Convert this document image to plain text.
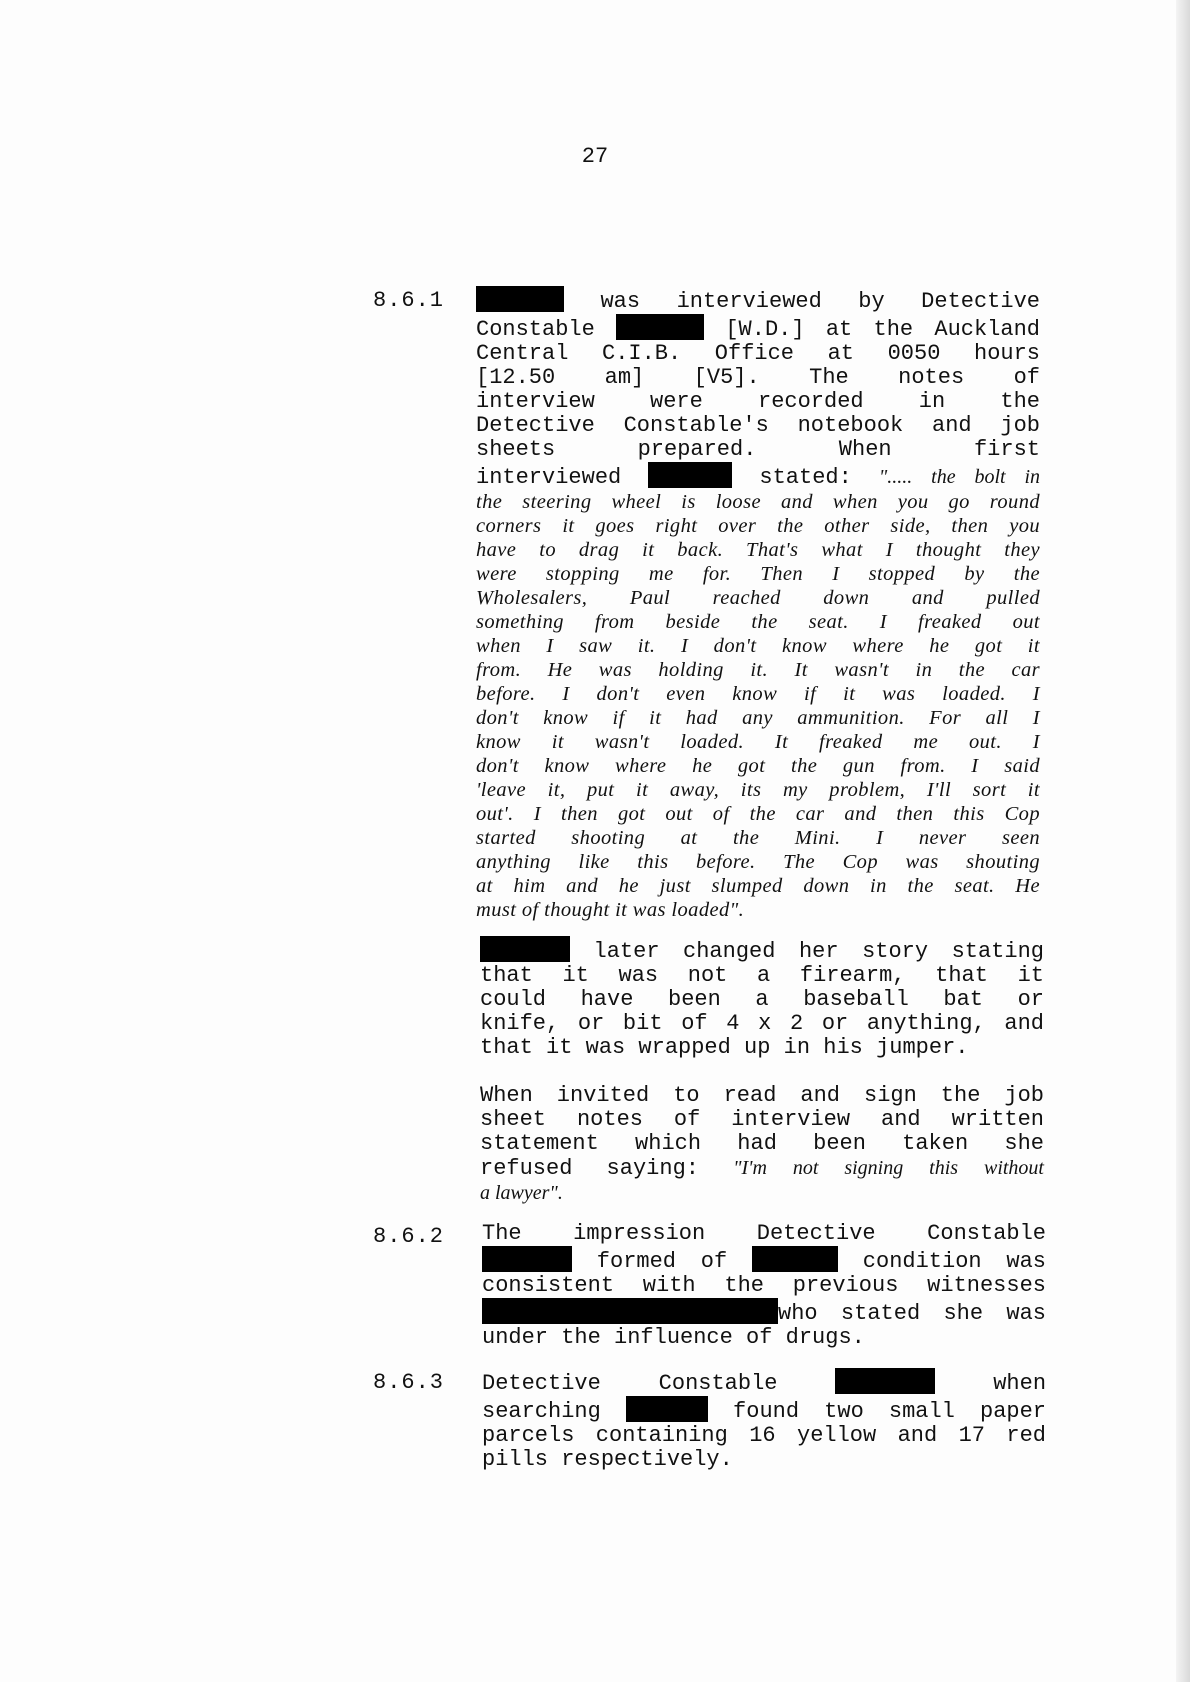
27
8.6.1	was interviewed by Detective
Constable	[W.D.] at the Auckland
Central C.I.B. Office at 0050 hours
[12.50 am] [V5]. The notes of
interview were recorded in the
Detective Constable's notebook and job
sheets prepared. When first
interviewed	stated: "..... the bolt in
the steering wheel is loose and when you go round
corners it goes right over the other side, then you
have to drag it back. That's what I thought they
were stopping me for. Then I stopped by the
Wholesalers, Paul reached down and pulled
something from beside the seat. I freaked out
when I saw it. I don't know where he got it
from. He was holding it. It wasn't in the car
before. I don't even know if it was loaded. I
don't know if it had any ammunition. For all I
know it wasn't loaded. It freaked me out. I
don't know where he got the gun from. I said
'leave it, put it away, its my problem, I'll sort it
out'. I then got out of the car and then this Cop
started shooting at the Mini. I never seen
anything like this before. The Cop was shouting
at him and he just slumped down in the seat. He
must of thought it was loaded".
later changed her story stating
that it was not a firearm, that it
could have been a baseball bat or
knife, or bit of 4 x 2 or anything, and
that it was wrapped up in his jumper.
When invited to read and sign the job
sheet notes of interview and written
statement which had been taken she
refused saying: "I'm not signing this without
a lawyer".
8.6.2 The impression Detective Constable
formed of	condition was
consistent with the previous witnesses
who stated she was
under the influence of drugs.
8.6.3 Detective Constable	when
searching	found two small paper
parcels containing 16 yellow and 17 red
pills respectively.
